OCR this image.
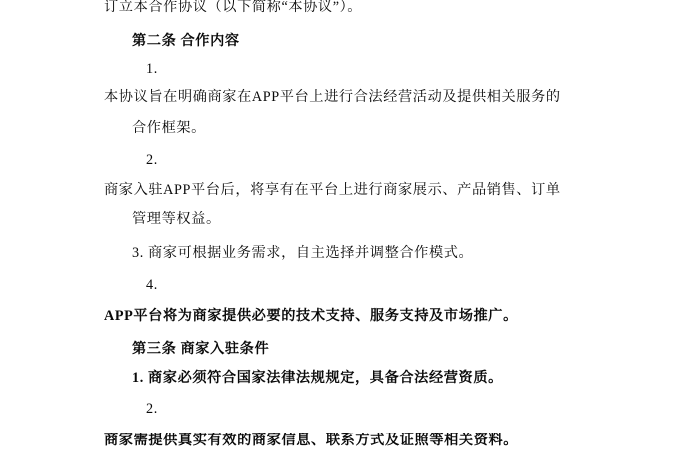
订立本合作协议（以下简称“本协议”）。
第二条 合作内容
1.
本协议旨在明确商家在APP平台上进行合法经营活动及提供相关服务的
合作框架。
2.
商家入驻APP平台后，将享有在平台上进行商家展示、产品销售、订单
管理等权益。
3. 商家可根据业务需求，自主选择并调整合作模式。
4.
APP平台将为商家提供必要的技术支持、服务支持及市场推广。
第三条 商家入驻条件
1. 商家必须符合国家法律法规规定，具备合法经营资质。
2.
商家需提供真实有效的商家信息、联系方式及证照等相关资料。
